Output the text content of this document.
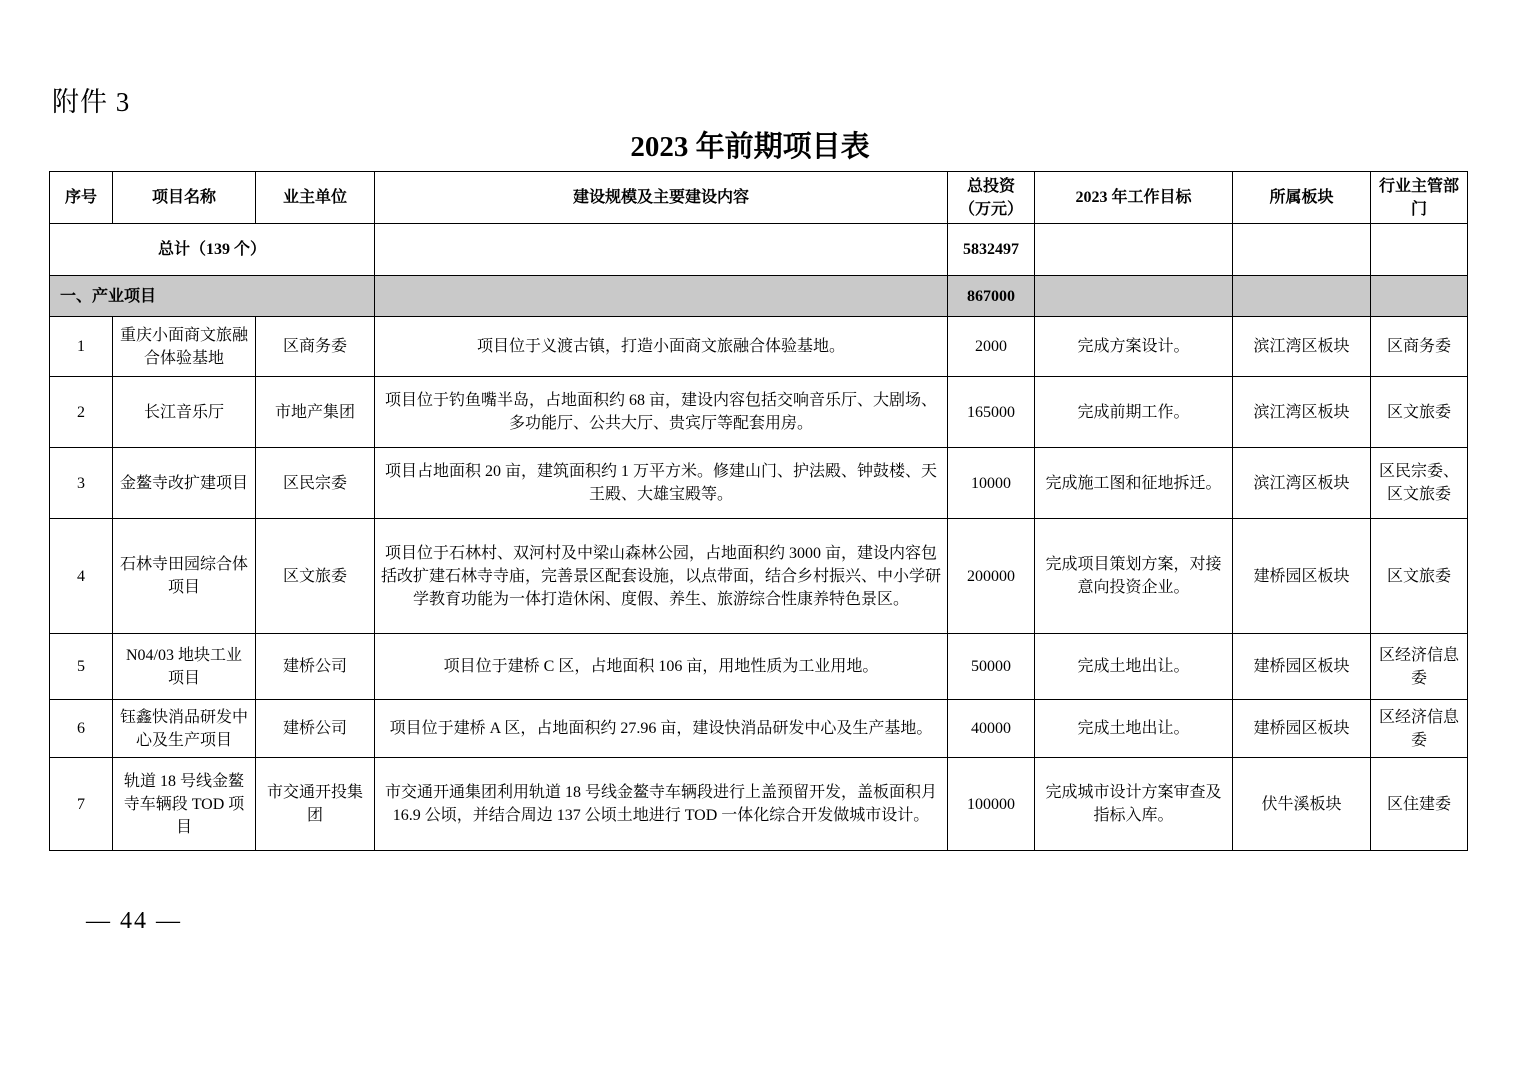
附件 3
2023 年前期项目表
序号	项目名称	业主单位	建设规模及主要建设内容	总投资（万元）	2023 年工作目标	所属板块	行业主管部门
总计（139 个）				5832497			
一、产业项目				867000			
1	重庆小面商文旅融合体验基地	区商务委	项目位于义渡古镇，打造小面商文旅融合体验基地。	2000	完成方案设计。	滨江湾区板块	区商务委
2	长江音乐厅	市地产集团	项目位于钓鱼嘴半岛，占地面积约 68 亩，建设内容包括交响音乐厅、大剧场、多功能厅、公共大厅、贵宾厅等配套用房。	165000	完成前期工作。	滨江湾区板块	区文旅委
3	金鳌寺改扩建项目	区民宗委	项目占地面积 20 亩，建筑面积约 1 万平方米。修建山门、护法殿、钟鼓楼、天王殿、大雄宝殿等。	10000	完成施工图和征地拆迁。	滨江湾区板块	区民宗委、区文旅委
4	石林寺田园综合体项目	区文旅委	项目位于石林村、双河村及中梁山森林公园，占地面积约 3000 亩，建设内容包括改扩建石林寺寺庙，完善景区配套设施，以点带面，结合乡村振兴、中小学研学教育功能为一体打造休闲、度假、养生、旅游综合性康养特色景区。	200000	完成项目策划方案，对接意向投资企业。	建桥园区板块	区文旅委
5	N04/03 地块工业项目	建桥公司	项目位于建桥 C 区，占地面积 106 亩，用地性质为工业用地。	50000	完成土地出让。	建桥园区板块	区经济信息委
6	钰鑫快消品研发中心及生产项目	建桥公司	项目位于建桥 A 区，占地面积约 27.96 亩，建设快消品研发中心及生产基地。	40000	完成土地出让。	建桥园区板块	区经济信息委
7	轨道 18 号线金鳌寺车辆段 TOD 项目	市交通开投集团	市交通开通集团利用轨道 18 号线金鳌寺车辆段进行上盖预留开发，盖板面积月 16.9 公顷，并结合周边 137 公顷土地进行 TOD 一体化综合开发做城市设计。	100000	完成城市设计方案审查及指标入库。	伏牛溪板块	区住建委
— 44 —
